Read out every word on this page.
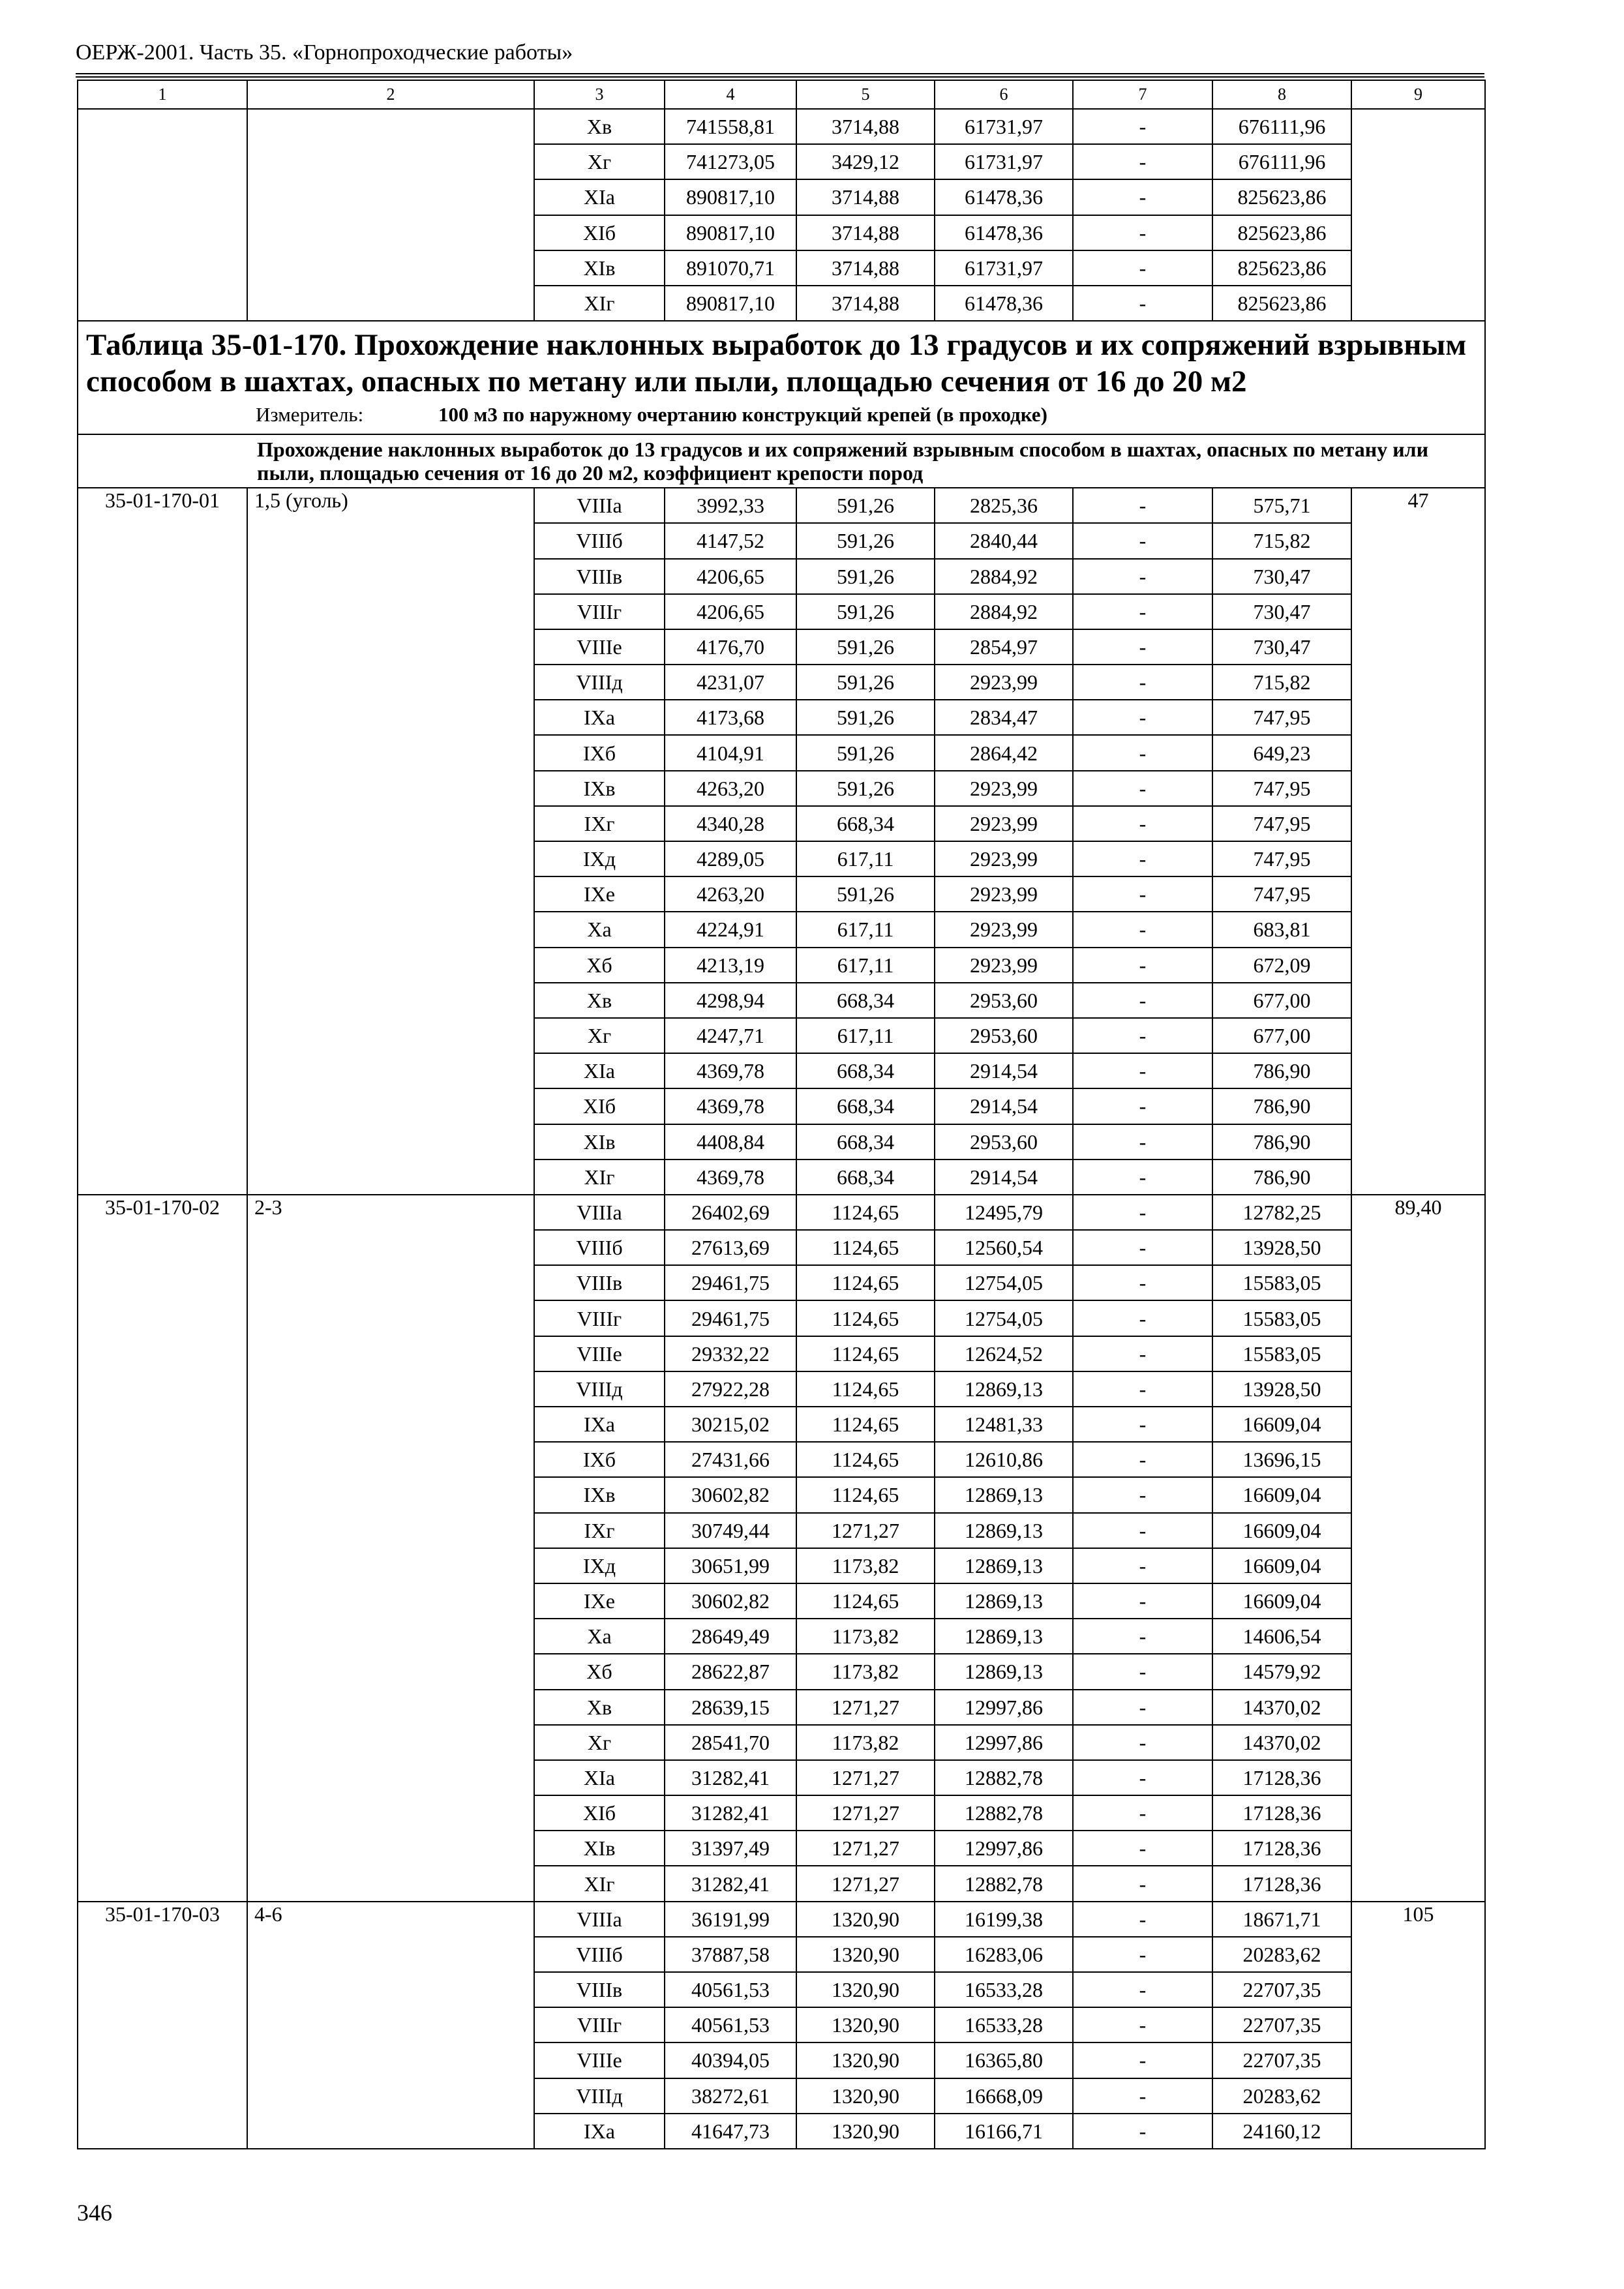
ОЕРЖ-2001. Часть 35. «Горнопроходческие работы»
1	2	3	4	5	6	7	8	9
		Хв	741558,81	3714,88	61731,97	-	676111,96	
		Хг	741273,05	3429,12	61731,97	-	676111,96	
		XIа	890817,10	3714,88	61478,36	-	825623,86	
		XIб	890817,10	3714,88	61478,36	-	825623,86	
		XIв	891070,71	3714,88	61731,97	-	825623,86	
		XIг	890817,10	3714,88	61478,36	-	825623,86	

Таблица 35-01-170. Прохождение наклонных выработок до 13 градусов и их сопряжений взрывным способом в шахтах, опасных по метану или пыли, площадью сечения от 16 до 20 м2
Измеритель: 100 м3 по наружному очертанию конструкций крепей (в проходке)								

Прохождение наклонных выработок до 13 градусов и их сопряжений взрывным способом в шахтах, опасных по метану или пыли, площадью сечения от 16 до 20 м2, коэффициент крепости пород								
35-01-170-01	1,5 (уголь)	VIIIа	3992,33	591,26	2825,36	-	575,71	47
		VIIIб	4147,52	591,26	2840,44	-	715,82	
		VIIIв	4206,65	591,26	2884,92	-	730,47	
		VIIIг	4206,65	591,26	2884,92	-	730,47	
		VIIIе	4176,70	591,26	2854,97	-	730,47	
		VIIIд	4231,07	591,26	2923,99	-	715,82	
		IXа	4173,68	591,26	2834,47	-	747,95	
		IXб	4104,91	591,26	2864,42	-	649,23	
		IXв	4263,20	591,26	2923,99	-	747,95	
		IXг	4340,28	668,34	2923,99	-	747,95	
		IXд	4289,05	617,11	2923,99	-	747,95	
		IXе	4263,20	591,26	2923,99	-	747,95	
		Ха	4224,91	617,11	2923,99	-	683,81	
		Хб	4213,19	617,11	2923,99	-	672,09	
		Хв	4298,94	668,34	2953,60	-	677,00	
		Хг	4247,71	617,11	2953,60	-	677,00	
		XIа	4369,78	668,34	2914,54	-	786,90	
		XIб	4369,78	668,34	2914,54	-	786,90	
		XIв	4408,84	668,34	2953,60	-	786,90	
		XIг	4369,78	668,34	2914,54	-	786,90	
35-01-170-02	2-3	VIIIа	26402,69	1124,65	12495,79	-	12782,25	89,40
		VIIIб	27613,69	1124,65	12560,54	-	13928,50	
		VIIIв	29461,75	1124,65	12754,05	-	15583,05	
		VIIIг	29461,75	1124,65	12754,05	-	15583,05	
		VIIIе	29332,22	1124,65	12624,52	-	15583,05	
		VIIIд	27922,28	1124,65	12869,13	-	13928,50	
		IXа	30215,02	1124,65	12481,33	-	16609,04	
		IXб	27431,66	1124,65	12610,86	-	13696,15	
		IXв	30602,82	1124,65	12869,13	-	16609,04	
		IXг	30749,44	1271,27	12869,13	-	16609,04	
		IXд	30651,99	1173,82	12869,13	-	16609,04	
		IXе	30602,82	1124,65	12869,13	-	16609,04	
		Ха	28649,49	1173,82	12869,13	-	14606,54	
		Хб	28622,87	1173,82	12869,13	-	14579,92	
		Хв	28639,15	1271,27	12997,86	-	14370,02	
		Хг	28541,70	1173,82	12997,86	-	14370,02	
		XIа	31282,41	1271,27	12882,78	-	17128,36	
		XIб	31282,41	1271,27	12882,78	-	17128,36	
		XIв	31397,49	1271,27	12997,86	-	17128,36	
		XIг	31282,41	1271,27	12882,78	-	17128,36	
35-01-170-03	4-6	VIIIа	36191,99	1320,90	16199,38	-	18671,71	105
		VIIIб	37887,58	1320,90	16283,06	-	20283,62	
		VIIIв	40561,53	1320,90	16533,28	-	22707,35	
		VIIIг	40561,53	1320,90	16533,28	-	22707,35	
		VIIIе	40394,05	1320,90	16365,80	-	22707,35	
		VIIIд	38272,61	1320,90	16668,09	-	20283,62	
		IXа	41647,73	1320,90	16166,71	-	24160,12	
346
